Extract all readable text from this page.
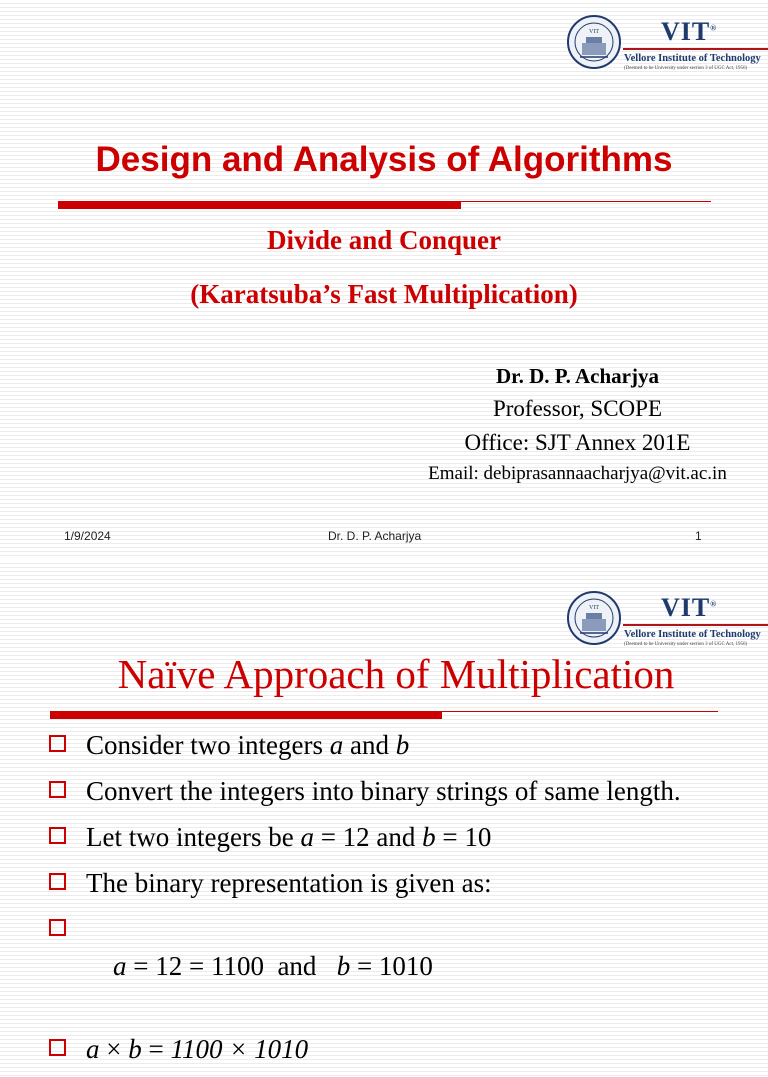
VIT VIT®
Vellore Institute of Technology
(Deemed to be University under section 3 of UGC Act, 1956)
Design and Analysis of Algorithms
Divide and Conquer
(Karatsuba’s Fast Multiplication)
Dr. D. P. Acharjya
Professor, SCOPE
Office: SJT Annex 201E
Email: debiprasannaacharjya@vit.ac.in
1/9/2024	Dr. D. P. Acharjya	1
VIT VIT®
Vellore Institute of Technology
(Deemed to be University under section 3 of UGC Act, 1956)
Naïve Approach of Multiplication
Consider two integers a and b
Convert the integers into binary strings of same length.
Let two integers be a = 12 and b = 10
The binary representation is given as:

a = 12 = 1100  and   b = 1010

a × b = 1100 × 1010
